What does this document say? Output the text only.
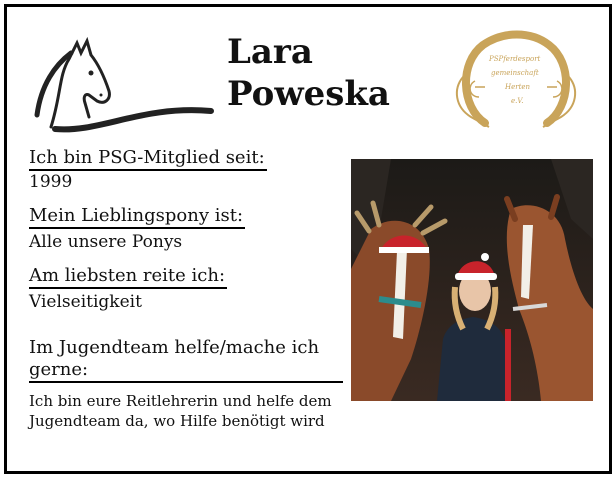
Lara
Poweska
PSPferdesport
gemeinschaft
Herten
e.V.
Ich bin PSG-Mitglied seit:
1999
Mein Lieblingspony ist:
Alle unsere Ponys
Am liebsten reite ich:
Vielseitigkeit
Im Jugendteam helfe/mache ich gerne:
Ich bin eure Reitlehrerin und helfe dem Jugendteam da, wo Hilfe benötigt wird
